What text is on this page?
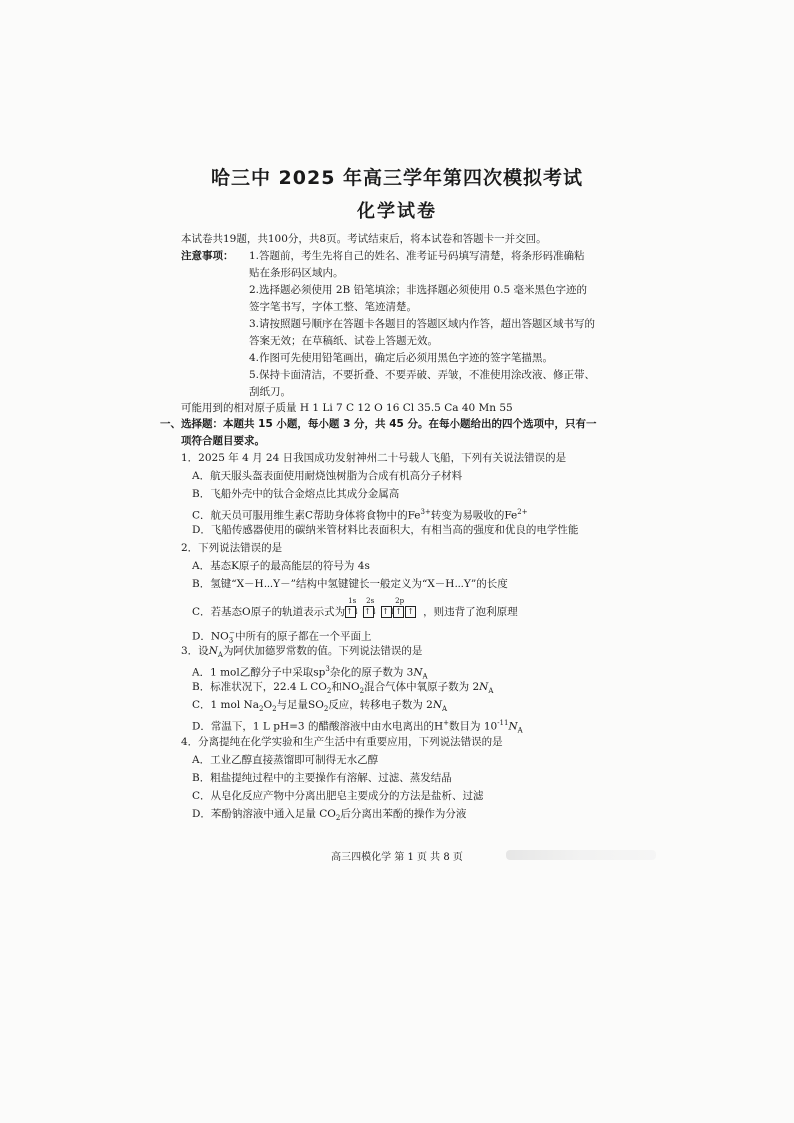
哈三中 2025 年高三学年第四次模拟考试
化学试卷
本试卷共19题，共100分，共8页。考试结束后，将本试卷和答题卡一并交回。
注意事项： 1.答题前，考生先将自己的姓名、准考证号码填写清楚，将条形码准确粘
贴在条形码区域内。
2.选择题必须使用 2B 铅笔填涂；非选择题必须使用 0.5 毫米黑色字迹的
签字笔书写，字体工整、笔迹清楚。
3.请按照题号顺序在答题卡各题目的答题区域内作答，超出答题区域书写的
答案无效；在草稿纸、试卷上答题无效。
4.作图可先使用铅笔画出，确定后必须用黑色字迹的签字笔描黑。
5.保持卡面清洁，不要折叠、不要弄破、弄皱，不准使用涂改液、修正带、
刮纸刀。
可能用到的相对原子质量 H 1 Li 7 C 12 O 16 Cl 35.5 Ca 40 Mn 55
一、选择题：本题共 15 小题，每小题 3 分，共 45 分。在每小题给出的四个选项中，只有一
项符合题目要求。
1．2025 年 4 月 24 日我国成功发射神州二十号载人飞船，下列有关说法错误的是
A．航天服头盔表面使用耐烧蚀树脂为合成有机高分子材料
B．飞船外壳中的钛合金熔点比其成分金属高
C．航天员可服用维生素C帮助身体将食物中的$Fe^{3+}$转变为易吸收的$Fe^{2+}$
D．飞船传感器使用的碳纳米管材料比表面积大，有相当高的强度和优良的电学性能
2．下列说法错误的是
A．基态K原子的最高能层的符号为 4s
B．氢键“X－H⋯Y－”结构中氢键键长一般定义为“X－H⋯Y”的长度
C．若基态O原子的轨道表示式为
1s
↑↓
2s
↑↓
2p
↑↓↑ ↑ ，则违背了泡利原理
D．$NO_3^-$中所有的原子都在一个平面上
3．设$N_A$为阿伏加德罗常数的值。下列说法错误的是
A．1 mol乙醇分子中采取$sp^3$杂化的原子数为 $3N_A$
B．标准状况下，22.4 L $CO_2$和$NO_2$混合气体中氧原子数为 $2N_A$
C．1 mol $Na_2O_2$与足量$SO_2$反应，转移电子数为 $2N_A$
D．常温下，1 L pH=3 的醋酸溶液中由水电离出的H+数目为 $10^{-11}N_A$
4．分离提纯在化学实验和生产生活中有重要应用，下列说法错误的是
A．工业乙醇直接蒸馏即可制得无水乙醇
B．粗盐提纯过程中的主要操作有溶解、过滤、蒸发结晶
C．从皂化反应产物中分离出肥皂主要成分的方法是盐析、过滤
D．苯酚钠溶液中通入足量 $CO_2$后分离出苯酚的操作为分液
高三四模化学 第 1 页 共 8 页
